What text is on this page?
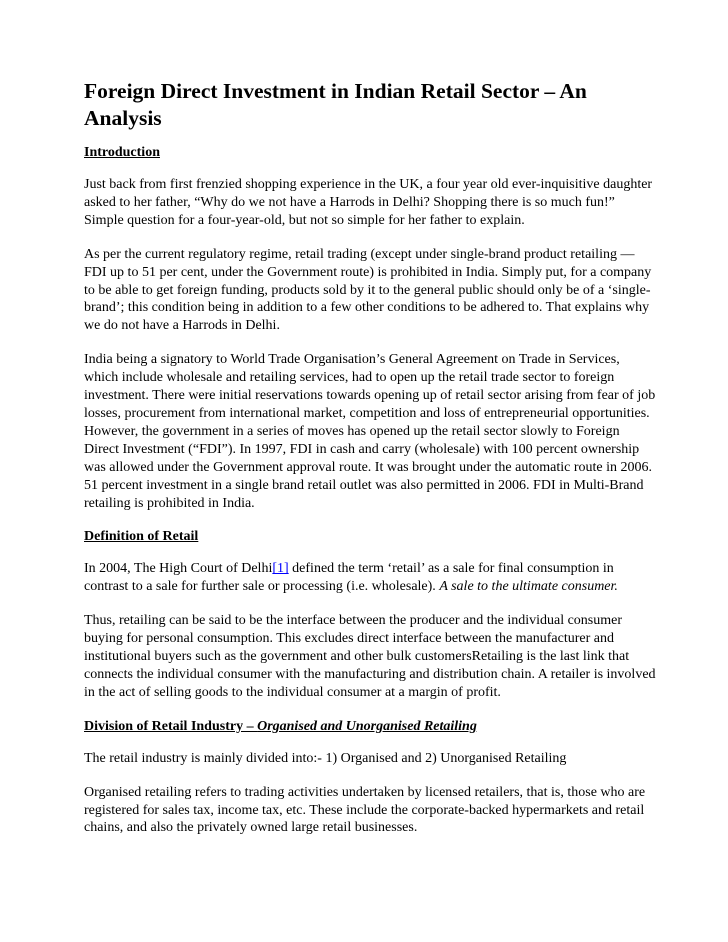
Foreign Direct Investment in Indian Retail Sector – An Analysis
Introduction

Just back from first frenzied shopping experience in the UK, a four year old ever-inquisitive daughter asked to her father, “Why do we not have a Harrods in Delhi? Shopping there is so much fun!” Simple question for a four-year-old, but not so simple for her father to explain.

As per the current regulatory regime, retail trading (except under single-brand product retailing — FDI up to 51 per cent, under the Government route) is prohibited in India. Simply put, for a company to be able to get foreign funding, products sold by it to the general public should only be of a ‘single-brand’; this condition being in addition to a few other conditions to be adhered to. That explains why we do not have a Harrods in Delhi.

India being a signatory to World Trade Organisation’s General Agreement on Trade in Services, which include wholesale and retailing services, had to open up the retail trade sector to foreign investment. There were initial reservations towards opening up of retail sector arising from fear of job losses, procurement from international market, competition and loss of entrepreneurial opportunities. However, the government in a series of moves has opened up the retail sector slowly to Foreign Direct Investment (“FDI”). In 1997, FDI in cash and carry (wholesale) with 100 percent ownership was allowed under the Government approval route. It was brought under the automatic route in 2006. 51 percent investment in a single brand retail outlet was also permitted in 2006. FDI in Multi-Brand retailing is prohibited in India.

Definition of Retail

In 2004, The High Court of Delhi[1] defined the term ‘retail’ as a sale for final consumption in contrast to a sale for further sale or processing (i.e. wholesale). A sale to the ultimate consumer.

Thus, retailing can be said to be the interface between the producer and the individual consumer buying for personal consumption. This excludes direct interface between the manufacturer and institutional buyers such as the government and other bulk customersRetailing is the last link that connects the individual consumer with the manufacturing and distribution chain. A retailer is involved in the act of selling goods to the individual consumer at a margin of profit.

Division of Retail Industry – Organised and Unorganised Retailing

The retail industry is mainly divided into:- 1) Organised and 2) Unorganised Retailing

Organised retailing refers to trading activities undertaken by licensed retailers, that is, those who are registered for sales tax, income tax, etc. These include the corporate-backed hypermarkets and retail chains, and also the privately owned large retail businesses.
